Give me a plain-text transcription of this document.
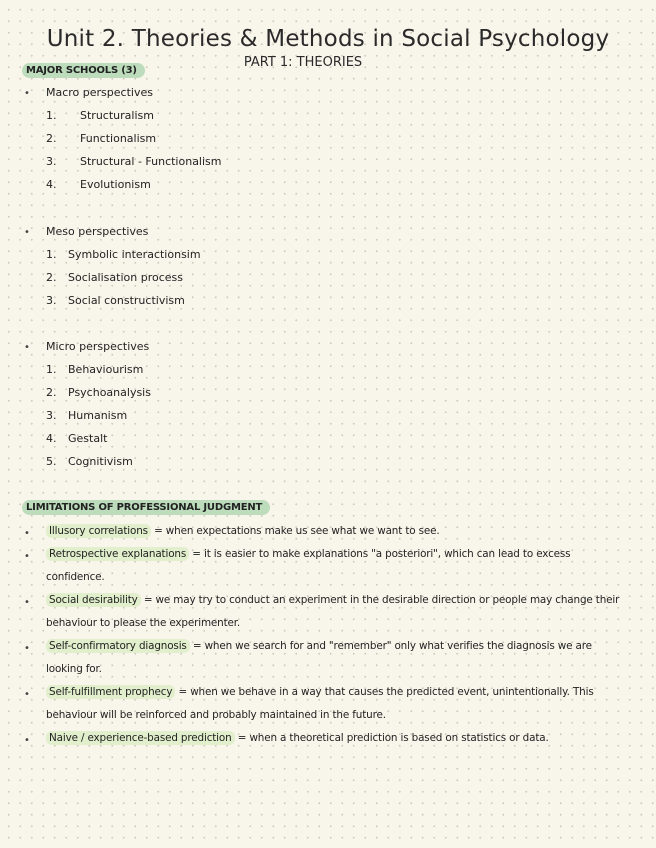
Unit 2. Theories & Methods in Social Psychology
PART 1: THEORIES
MAJOR SCHOOLS (3)
• Macro perspectives
1. Structuralism
2. Functionalism
3. Structural - Functionalism
4. Evolutionism
• Meso perspectives
1. Symbolic interactionsim
2. Socialisation process
3. Social constructivism
• Micro perspectives
1. Behaviourism
2. Psychoanalysis
3. Humanism
4. Gestalt
5. Cognitivism
LIMITATIONS OF PROFESSIONAL JUDGMENT
• Illusory correlations = when expectations make us see what we want to see.
• Retrospective explanations = it is easier to make explanations "a posteriori", which can lead to excess confidence.
• Social desirability = we may try to conduct an experiment in the desirable direction or people may change their behaviour to please the experimenter.
• Self-confirmatory diagnosis = when we search for and "remember" only what verifies the diagnosis we are looking for.
• Self-fulfillment prophecy = when we behave in a way that causes the predicted event, unintentionally. This behaviour will be reinforced and probably maintained in the future.
• Naive / experience-based prediction = when a theoretical prediction is based on statistics or data.
